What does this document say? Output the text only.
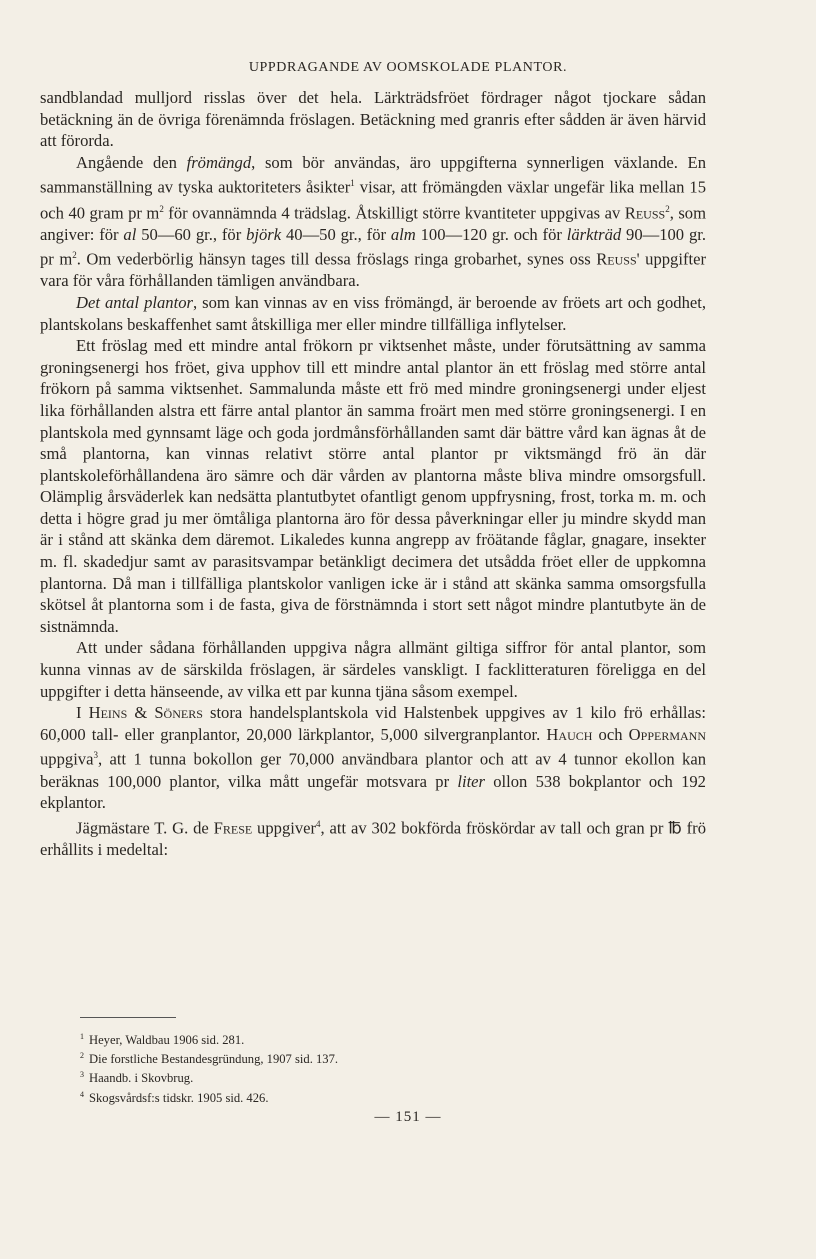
UPPDRAGANDE AV OOMSKOLADE PLANTOR.

sandblandad mulljord risslas över det hela. Lärkträdsfröet fördrager något tjockare sådan betäckning än de övriga förenämnda fröslagen. Betäckning med granris efter sådden är även härvid att förorda.

Angående den frömängd, som bör användas, äro uppgifterna synnerligen växlande. En sammanställning av tyska auktoriteters åsikter$^1$ visar, att frömängden växlar ungefär lika mellan 15 och 40 gram pr $m^2$ för ovannämnda 4 trädslag. Åtskilligt större kvantiteter uppgivas av Reuss$^2$, som angiver: för al 50—60 gr., för björk 40—50 gr., för alm 100—120 gr. och för lärkträd 90—100 gr. pr $m^2$. Om vederbörlig hänsyn tages till dessa fröslags ringa grobarhet, synes oss Reuss' uppgifter vara för våra förhållanden tämligen användbara.

Det antal plantor, som kan vinnas av en viss frömängd, är beroende av fröets art och godhet, plantskolans beskaffenhet samt åtskilliga mer eller mindre tillfälliga inflytelser.

Ett fröslag med ett mindre antal frökorn pr viktsenhet måste, under förutsättning av samma groningsenergi hos fröet, giva upphov till ett mindre antal plantor än ett fröslag med större antal frökorn på samma viktsenhet. Sammalunda måste ett frö med mindre groningsenergi under eljest lika förhållanden alstra ett färre antal plantor än samma froärt men med större groningsenergi. I en plantskola med gynnsamt läge och goda jordmånsförhållanden samt där bättre vård kan ägnas åt de små plantorna, kan vinnas relativt större antal plantor pr viktsmängd frö än där plantskoleförhållandena äro sämre och där vården av plantorna måste bliva mindre omsorgsfull. Olämplig årsväderlek kan nedsätta plantutbytet ofantligt genom uppfrysning, frost, torka m. m. och detta i högre grad ju mer ömtåliga plantorna äro för dessa påverkningar eller ju mindre skydd man är i stånd att skänka dem däremot. Likaledes kunna angrepp av fröätande fåglar, gnagare, insekter m. fl. skadedjur samt av parasitsvampar betänkligt decimera det utsådda fröet eller de uppkomna plantorna. Då man i tillfälliga plantskolor vanligen icke är i stånd att skänka samma omsorgsfulla skötsel åt plantorna som i de fasta, giva de förstnämnda i stort sett något mindre plantutbyte än de sistnämnda.

Att under sådana förhållanden uppgiva några allmänt giltiga siffror för antal plantor, som kunna vinnas av de särskilda fröslagen, är särdeles vanskligt. I facklitteraturen föreligga en del uppgifter i detta hänseende, av vilka ett par kunna tjäna såsom exempel.

I Heins & Söners stora handelsplantskola vid Halstenbek uppgives av 1 kilo frö erhållas: 60,000 tall- eller granplantor, 20,000 lärkplantor, 5,000 silvergranplantor. Hauch och Oppermann uppgiva$^3$, att 1 tunna bokollon ger 70,000 användbara plantor och att av 4 tunnor ekollon kan beräknas 100,000 plantor, vilka mått ungefär motsvara pr liter ollon 538 bokplantor och 192 ekplantor.

Jägmästare T. G. de Frese uppgiver$^4$, att av 302 bokförda fröskördar av tall och gran pr ℔ frö erhållits i medeltal:

$^1$ Heyer, Waldbau 1906 sid. 281.
$^2$ Die forstliche Bestandesgründung, 1907 sid. 137.
$^3$ Haandb. i Skovbrug.
$^4$ Skogsvårdsf:s tidskr. 1905 sid. 426.
— 151 —
